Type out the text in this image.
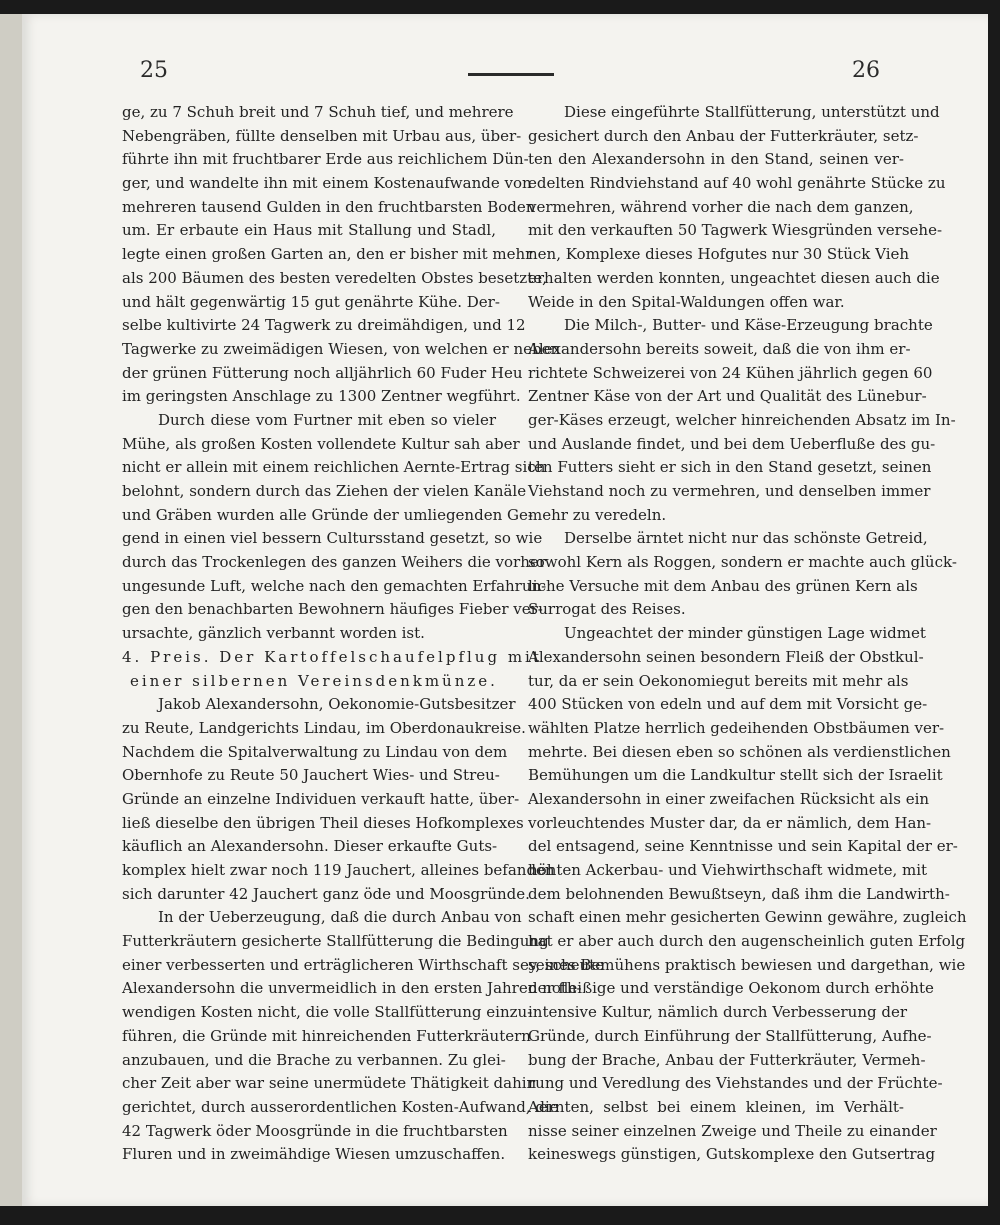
25	26
ge, zu 7 Schuh breit und 7 Schuh tief, und mehrere
Nebengräben, füllte denselben mit Urbau aus, über-
führte ihn mit fruchtbarer Erde aus reichlichem Dün-
ger, und wandelte ihn mit einem Kostenaufwande von
mehreren tausend Gulden in den fruchtbarsten Boden
um. Er erbaute ein Haus mit Stallung und Stadl,
legte einen großen Garten an, den er bisher mit mehr
als 200 Bäumen des besten veredelten Obstes besetzte,
und hält gegenwärtig 15 gut genährte Kühe. Der-
selbe kultivirte 24 Tagwerk zu dreimähdigen, und 12
Tagwerke zu zweimädigen Wiesen, von welchen er neben
der grünen Fütterung noch alljährlich 60 Fuder Heu
im geringsten Anschlage zu 1300 Zentner wegführt.
Durch diese vom Furtner mit eben so vieler
Mühe, als großen Kosten vollendete Kultur sah aber
nicht er allein mit einem reichlichen Aernte-Ertrag sich
belohnt, sondern durch das Ziehen der vielen Kanäle
und Gräben wurden alle Gründe der umliegenden Ge-
gend in einen viel bessern Cultursstand gesetzt, so wie
durch das Trockenlegen des ganzen Weihers die vorher
ungesunde Luft, welche nach den gemachten Erfahrun-
gen den benachbarten Bewohnern häufiges Fieber ver-
ursachte, gänzlich verbannt worden ist.
4. Preis. Der Kartoffelschaufelpflug mit
einer silbernen Vereinsdenkmünze.
Jakob Alexandersohn, Oekonomie-Gutsbesitzer
zu Reute, Landgerichts Lindau, im Oberdonaukreise.
Nachdem die Spitalverwaltung zu Lindau von dem
Obernhofe zu Reute 50 Jauchert Wies- und Streu-
Gründe an einzelne Individuen verkauft hatte, über-
ließ dieselbe den übrigen Theil dieses Hofkomplexes
käuflich an Alexandersohn. Dieser erkaufte Guts-
komplex hielt zwar noch 119 Jauchert, alleines befanden
sich darunter 42 Jauchert ganz öde und Moosgründe.
In der Ueberzeugung, daß die durch Anbau von
Futterkräutern gesicherte Stallfütterung die Bedingung
einer verbesserten und erträglicheren Wirthschaft sey, scheute
Alexandersohn die unvermeidlich in den ersten Jahren noth-
wendigen Kosten nicht, die volle Stallfütterung einzu-
führen, die Gründe mit hinreichenden Futterkräutern
anzubauen, und die Brache zu verbannen. Zu glei-
cher Zeit aber war seine unermüdete Thätigkeit dahin
gerichtet, durch ausserordentlichen Kosten-Aufwand, die
42 Tagwerk öder Moosgründe in die fruchtbarsten
Fluren und in zweimähdige Wiesen umzuschaffen.
Diese eingeführte Stallfütterung, unterstützt und
gesichert durch den Anbau der Futterkräuter, setz-
ten den Alexandersohn in den Stand, seinen ver-
edelten Rindviehstand auf 40 wohl genährte Stücke zu
vermehren, während vorher die nach dem ganzen,
mit den verkauften 50 Tagwerk Wiesgründen versehe-
nen, Komplexe dieses Hofgutes nur 30 Stück Vieh
erhalten werden konnten, ungeachtet diesen auch die
Weide in den Spital-Waldungen offen war.
Die Milch-, Butter- und Käse-Erzeugung brachte
Alexandersohn bereits soweit, daß die von ihm er-
richtete Schweizerei von 24 Kühen jährlich gegen 60
Zentner Käse von der Art und Qualität des Lünebur-
ger-Käses erzeugt, welcher hinreichenden Absatz im In-
und Auslande findet, und bei dem Ueberfluße des gu-
ten Futters sieht er sich in den Stand gesetzt, seinen
Viehstand noch zu vermehren, und denselben immer
mehr zu veredeln.
Derselbe ärntet nicht nur das schönste Getreid,
sowohl Kern als Roggen, sondern er machte auch glück-
liche Versuche mit dem Anbau des grünen Kern als
Surrogat des Reises.
Ungeachtet der minder günstigen Lage widmet
Alexandersohn seinen besondern Fleiß der Obstkul-
tur, da er sein Oekonomiegut bereits mit mehr als
400 Stücken von edeln und auf dem mit Vorsicht ge-
wählten Platze herrlich gedeihenden Obstbäumen ver-
mehrte. Bei diesen eben so schönen als verdienstlichen
Bemühungen um die Landkultur stellt sich der Israelit
Alexandersohn in einer zweifachen Rücksicht als ein
vorleuchtendes Muster dar, da er nämlich, dem Han-
del entsagend, seine Kenntnisse und sein Kapital der er-
höhten Ackerbau- und Viehwirthschaft widmete, mit
dem belohnenden Bewußtseyn, daß ihm die Landwirth-
schaft einen mehr gesicherten Gewinn gewähre, zugleich
hat er aber auch durch den augenscheinlich guten Erfolg
seines Bemühens praktisch bewiesen und dargethan, wie
der fleißige und verständige Oekonom durch erhöhte
intensive Kultur, nämlich durch Verbesserung der
Gründe, durch Einführung der Stallfütterung, Aufhe-
bung der Brache, Anbau der Futterkräuter, Vermeh-
rung und Veredlung des Viehstandes und der Früchte-
Aernten, selbst bei einem kleinen, im Verhält-
nisse seiner einzelnen Zweige und Theile zu einander
keineswegs günstigen, Gutskomplexe den Gutsertrag
